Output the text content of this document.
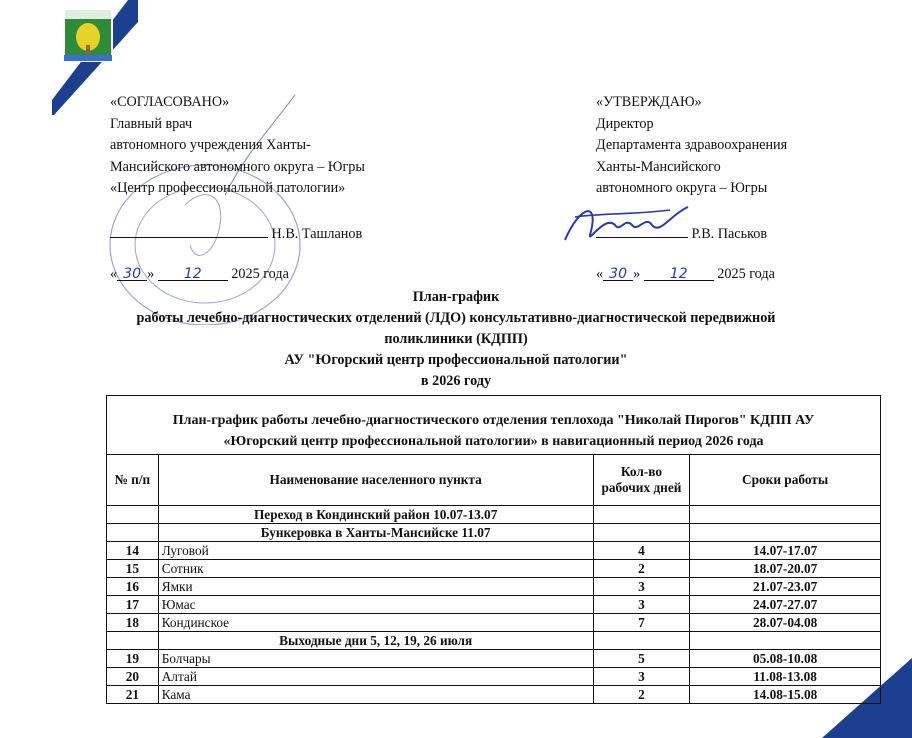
«СОГЛАСОВАНО»
Главный врач
автономного учреждения Ханты-
Мансийского автономного округа – Югры
«Центр профессиональной патологии»
Н.В. Ташланов
« 30 » 12 2025 года
«УТВЕРЖДАЮ»
Директор
Департамента здравоохранения
Ханты-Мансийского
автономного округа – Югры
Р.В. Паськов
« 30 » 12 2025 года
План-график
работы лечебно-диагностических отделений (ЛДО) консультативно-диагностической передвижной
поликлиники (КДПП)
АУ "Югорский центр профессиональной патологии"
в 2026 году
План-график работы лечебно-диагностического отделения теплохода "Николай Пирогов" КДПП АУ
«Югорский центр профессиональной патологии» в навигационный период 2026 года
№ п/п	Наименование населенного пункта	Кол-во рабочих дней	Сроки работы
	Переход в Кондинский район 10.07-13.07		
	Бункеровка в Ханты-Мансийске 11.07		
14	Луговой	4	14.07-17.07
15	Сотник	2	18.07-20.07
16	Ямки	3	21.07-23.07
17	Юмас	3	24.07-27.07
18	Кондинское	7	28.07-04.08
	Выходные дни 5, 12, 19, 26 июля		
19	Болчары	5	05.08-10.08
20	Алтай	3	11.08-13.08
21	Кама	2	14.08-15.08
